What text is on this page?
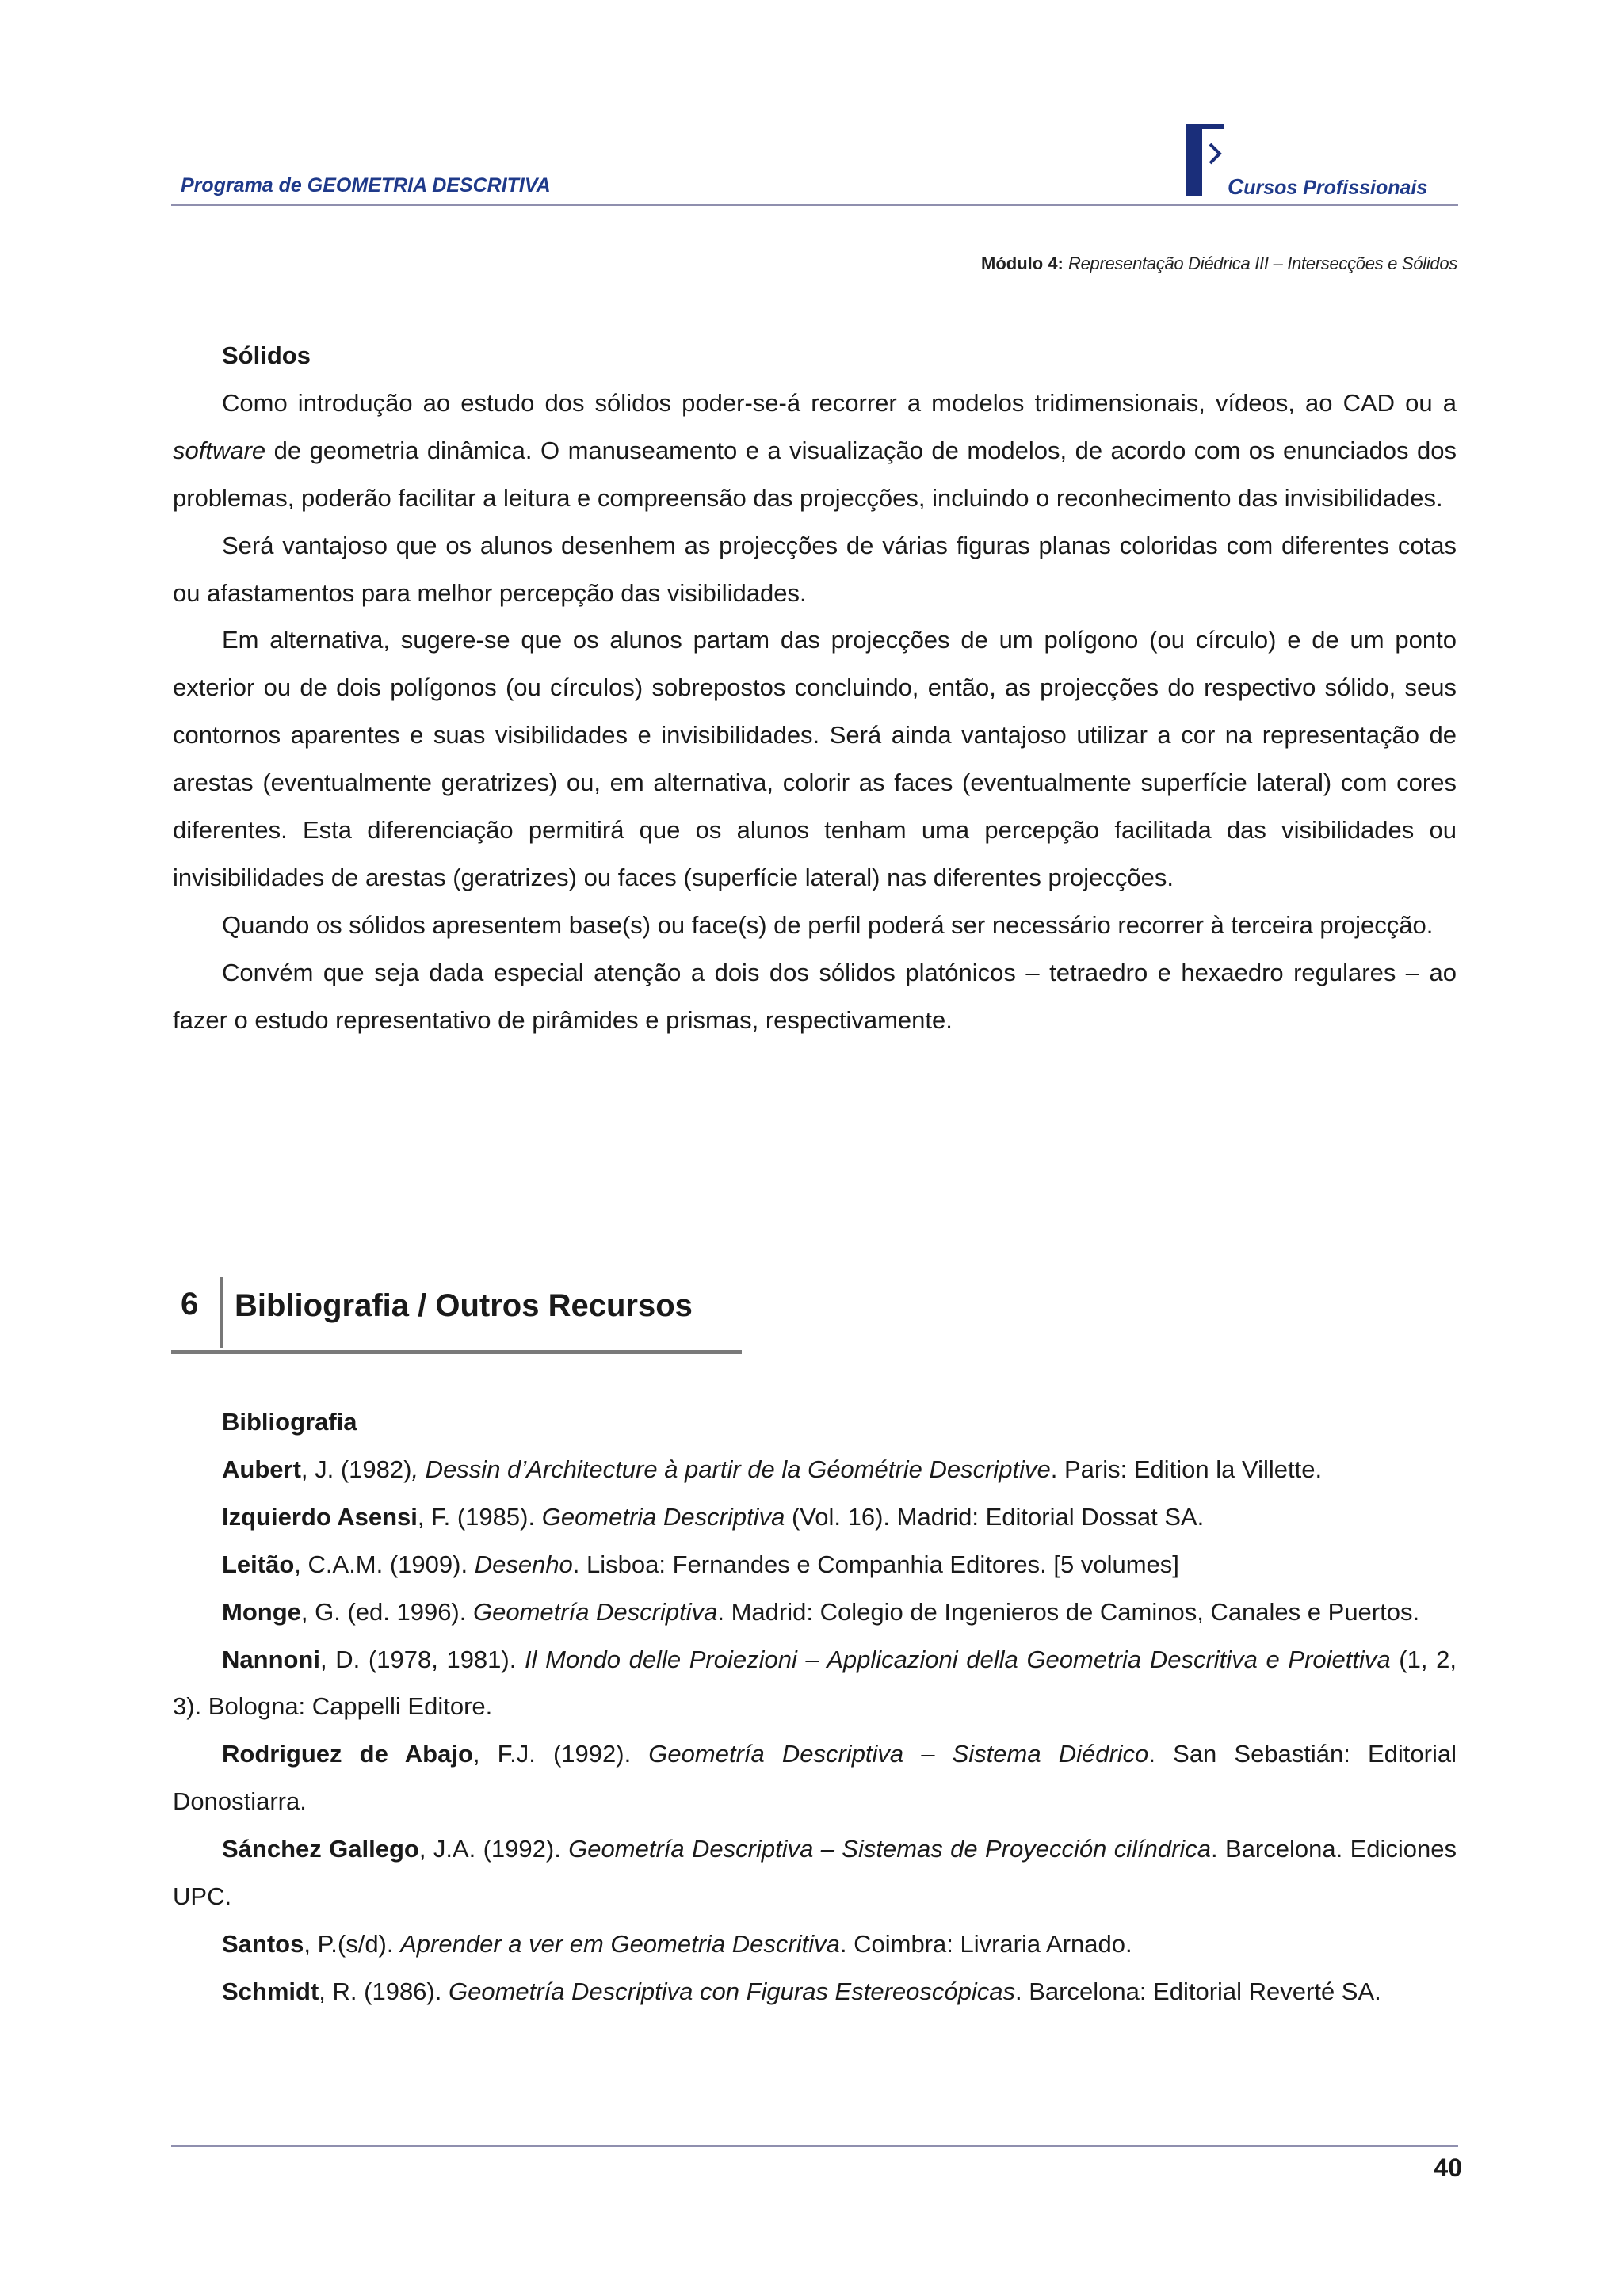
Programa de GEOMETRIA DESCRITIVA	Cursos Profissionais
Módulo 4: Representação Diédrica III – Intersecções e Sólidos
Sólidos

Como introdução ao estudo dos sólidos poder-se-á recorrer a modelos tridimensionais, vídeos, ao CAD ou a software de geometria dinâmica. O manuseamento e a visualização de modelos, de acordo com os enunciados dos problemas, poderão facilitar a leitura e compreensão das projecções, incluindo o reconhecimento das invisibilidades.

Será vantajoso que os alunos desenhem as projecções de várias figuras planas coloridas com diferentes cotas ou afastamentos para melhor percepção das visibilidades.

Em alternativa, sugere-se que os alunos partam das projecções de um polígono (ou círculo) e de um ponto exterior ou de dois polígonos (ou círculos) sobrepostos concluindo, então, as projecções do respectivo sólido, seus contornos aparentes e suas visibilidades e invisibilidades. Será ainda vantajoso utilizar a cor na representação de arestas (eventualmente geratrizes) ou, em alternativa, colorir as faces (eventualmente superfície lateral) com cores diferentes. Esta diferenciação permitirá que os alunos tenham uma percepção facilitada das visibilidades ou invisibilidades de arestas (geratrizes) ou faces (superfície lateral) nas diferentes projecções.

Quando os sólidos apresentem base(s) ou face(s) de perfil poderá ser necessário recorrer à terceira projecção.

Convém que seja dada especial atenção a dois dos sólidos platónicos – tetraedro e hexaedro regulares – ao fazer o estudo representativo de pirâmides e prismas, respectivamente.

6 Bibliografia / Outros Recursos
Bibliografia

Aubert, J. (1982), Dessin d’Architecture à partir de la Géométrie Descriptive. Paris: Edition la Villette.

Izquierdo Asensi, F. (1985). Geometria Descriptiva (Vol. 16). Madrid: Editorial Dossat SA.

Leitão, C.A.M. (1909). Desenho. Lisboa: Fernandes e Companhia Editores. [5 volumes]

Monge, G. (ed. 1996). Geometría Descriptiva. Madrid: Colegio de Ingenieros de Caminos, Canales e Puertos.

Nannoni, D. (1978, 1981). Il Mondo delle Proiezioni – Applicazioni della Geometria Descritiva e Proiettiva (1, 2, 3). Bologna: Cappelli Editore.

Rodriguez de Abajo, F.J. (1992). Geometría Descriptiva – Sistema Diédrico. San Sebastián: Editorial Donostiarra.

Sánchez Gallego, J.A. (1992). Geometría Descriptiva – Sistemas de Proyección cilíndrica. Barcelona. Ediciones UPC.

Santos, P.(s/d). Aprender a ver em Geometria Descritiva. Coimbra: Livraria Arnado.

Schmidt, R. (1986). Geometría Descriptiva con Figuras Estereoscópicas. Barcelona: Editorial Reverté SA.

40
